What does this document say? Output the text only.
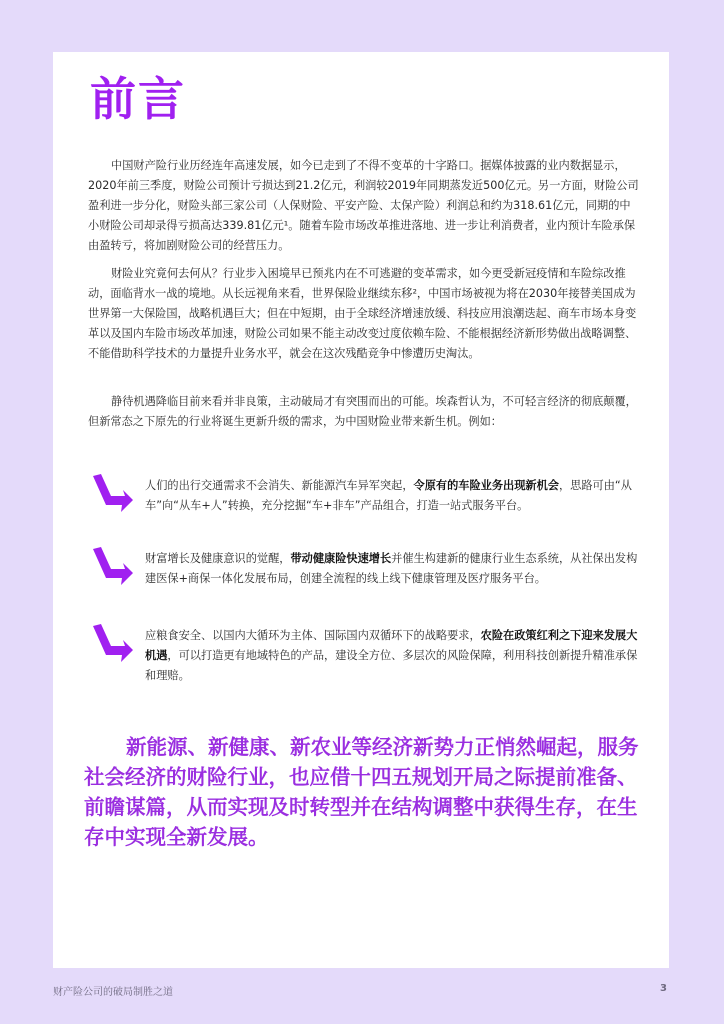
前言

中国财产险行业历经连年高速发展，如今已走到了不得不变革的十字路口。据媒体披露的业内数据显示，2020年前三季度，财险公司预计亏损达到21.2亿元，利润较2019年同期蒸发近500亿元。另一方面，财险公司盈利进一步分化，财险头部三家公司（人保财险、平安产险、太保产险）利润总和约为318.61亿元，同期的中小财险公司却录得亏损高达339.81亿元¹。随着车险市场改革推进落地、进一步让利消费者，业内预计车险承保由盈转亏，将加剧财险公司的经营压力。

财险业究竟何去何从？行业步入困境早已预兆内在不可逃避的变革需求，如今更受新冠疫情和车险综改推动，面临背水一战的境地。从长远视角来看，世界保险业继续东移²，中国市场被视为将在2030年接替美国成为世界第一大保险国，战略机遇巨大；但在中短期，由于全球经济增速放缓、科技应用浪潮迭起、商车市场本身变革以及国内车险市场改革加速，财险公司如果不能主动改变过度依赖车险、不能根据经济新形势做出战略调整、不能借助科学技术的力量提升业务水平，就会在这次残酷竞争中惨遭历史淘汰。

静待机遇降临目前来看并非良策，主动破局才有突围而出的可能。埃森哲认为，不可轻言经济的彻底颠覆，但新常态之下原先的行业将诞生更新升级的需求，为中国财险业带来新生机。例如：

人们的出行交通需求不会消失、新能源汽车异军突起，令原有的车险业务出现新机会，思路可由“从车”向“从车+人”转换，充分挖掘“车+非车”产品组合，打造一站式服务平台。

财富增长及健康意识的觉醒，带动健康险快速增长并催生构建新的健康行业生态系统，从社保出发构建医保+商保一体化发展布局，创建全流程的线上线下健康管理及医疗服务平台。

应粮食安全、以国内大循环为主体、国际国内双循环下的战略要求，农险在政策红利之下迎来发展大机遇，可以打造更有地域特色的产品，建设全方位、多层次的风险保障，利用科技创新提升精准承保和理赔。

新能源、新健康、新农业等经济新势力正悄然崛起，服务社会经济的财险行业，也应借十四五规划开局之际提前准备、前瞻谋篇，从而实现及时转型并在结构调整中获得生存，在生存中实现全新发展。

财产险公司的破局制胜之道	3
